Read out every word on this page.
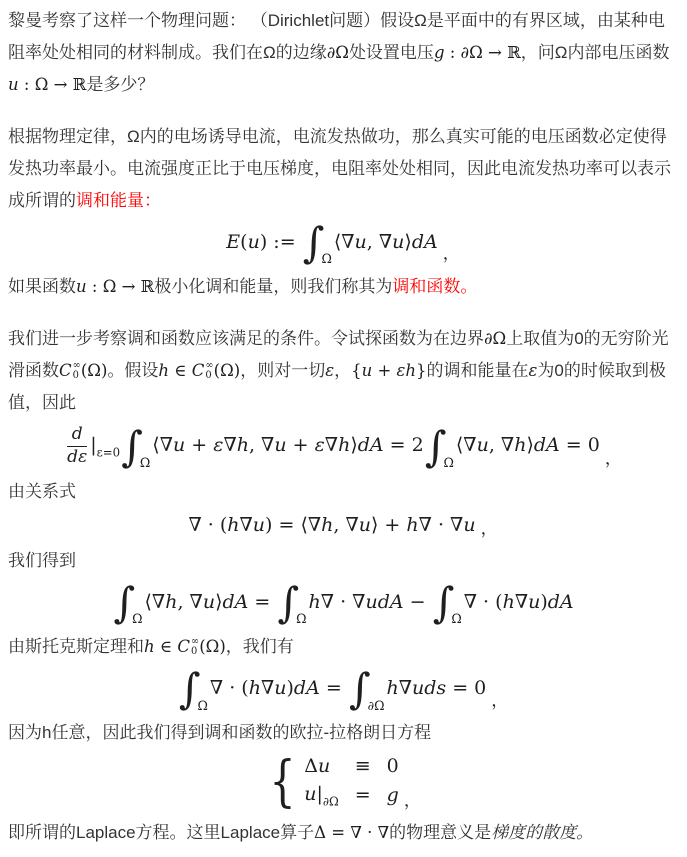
黎曼考察了这样一个物理问题： （Dirichlet问题）假设Ω是平面中的有界区域，由某种电阻率处处相同的材料制成。我们在Ω的边缘∂Ω处设置电压g : ∂Ω → ℝ，问Ω内部电压函数u : Ω → ℝ是多少？
根据物理定律，Ω内的电场诱导电流，电流发热做功，那么真实可能的电压函数必定使得发热功率最小。电流强度正比于电压梯度，电阻率处处相同，因此电流发热功率可以表示成所谓的调和能量：
E(u) := ∫
Ω
⟨∇u, ∇u⟩dA
，
如果函数u : Ω → ℝ极小化调和能量，则我们称其为调和函数。
我们进一步考察调和函数应该满足的条件。令试探函数为在边界∂Ω上取值为0的无穷阶光滑函数 C ∞
0 (Ω)。假设h ∈ C ∞
0 (Ω)，则对一切ε，{u + εh}的调和能量在ε为0的时候取到极值，因此
$\frac{d}{d\varepsilon} |_{\varepsilon=0}$ ∫
Ω
⟨∇u + ε∇h, ∇u + ε∇h⟩dA = 2 ∫
Ω
⟨∇u, ∇h⟩dA = 0
，
由关系式
∇ · (h∇u) = ⟨∇h, ∇u⟩ + h∇ · ∇u ，
我们得到
∫
Ω
⟨∇h, ∇u⟩dA = ∫
Ω
h∇ · ∇udA − ∫
Ω
∇ · (h∇u)dA
由斯托克斯定理和h ∈ C ∞
0 (Ω)，我们有
∫
Ω
∇ · (h∇u)dA = ∫
∂Ω
h∇uds = 0
，
因为h任意，因此我们得到调和函数的欧拉-拉格朗日方程
{ Δu	≡ 0
$u|_{\partial\Omega} = g$ ，
即所谓的Laplace方程。这里Laplace算子Δ = ∇ · ∇的物理意义是梯度的散度。
